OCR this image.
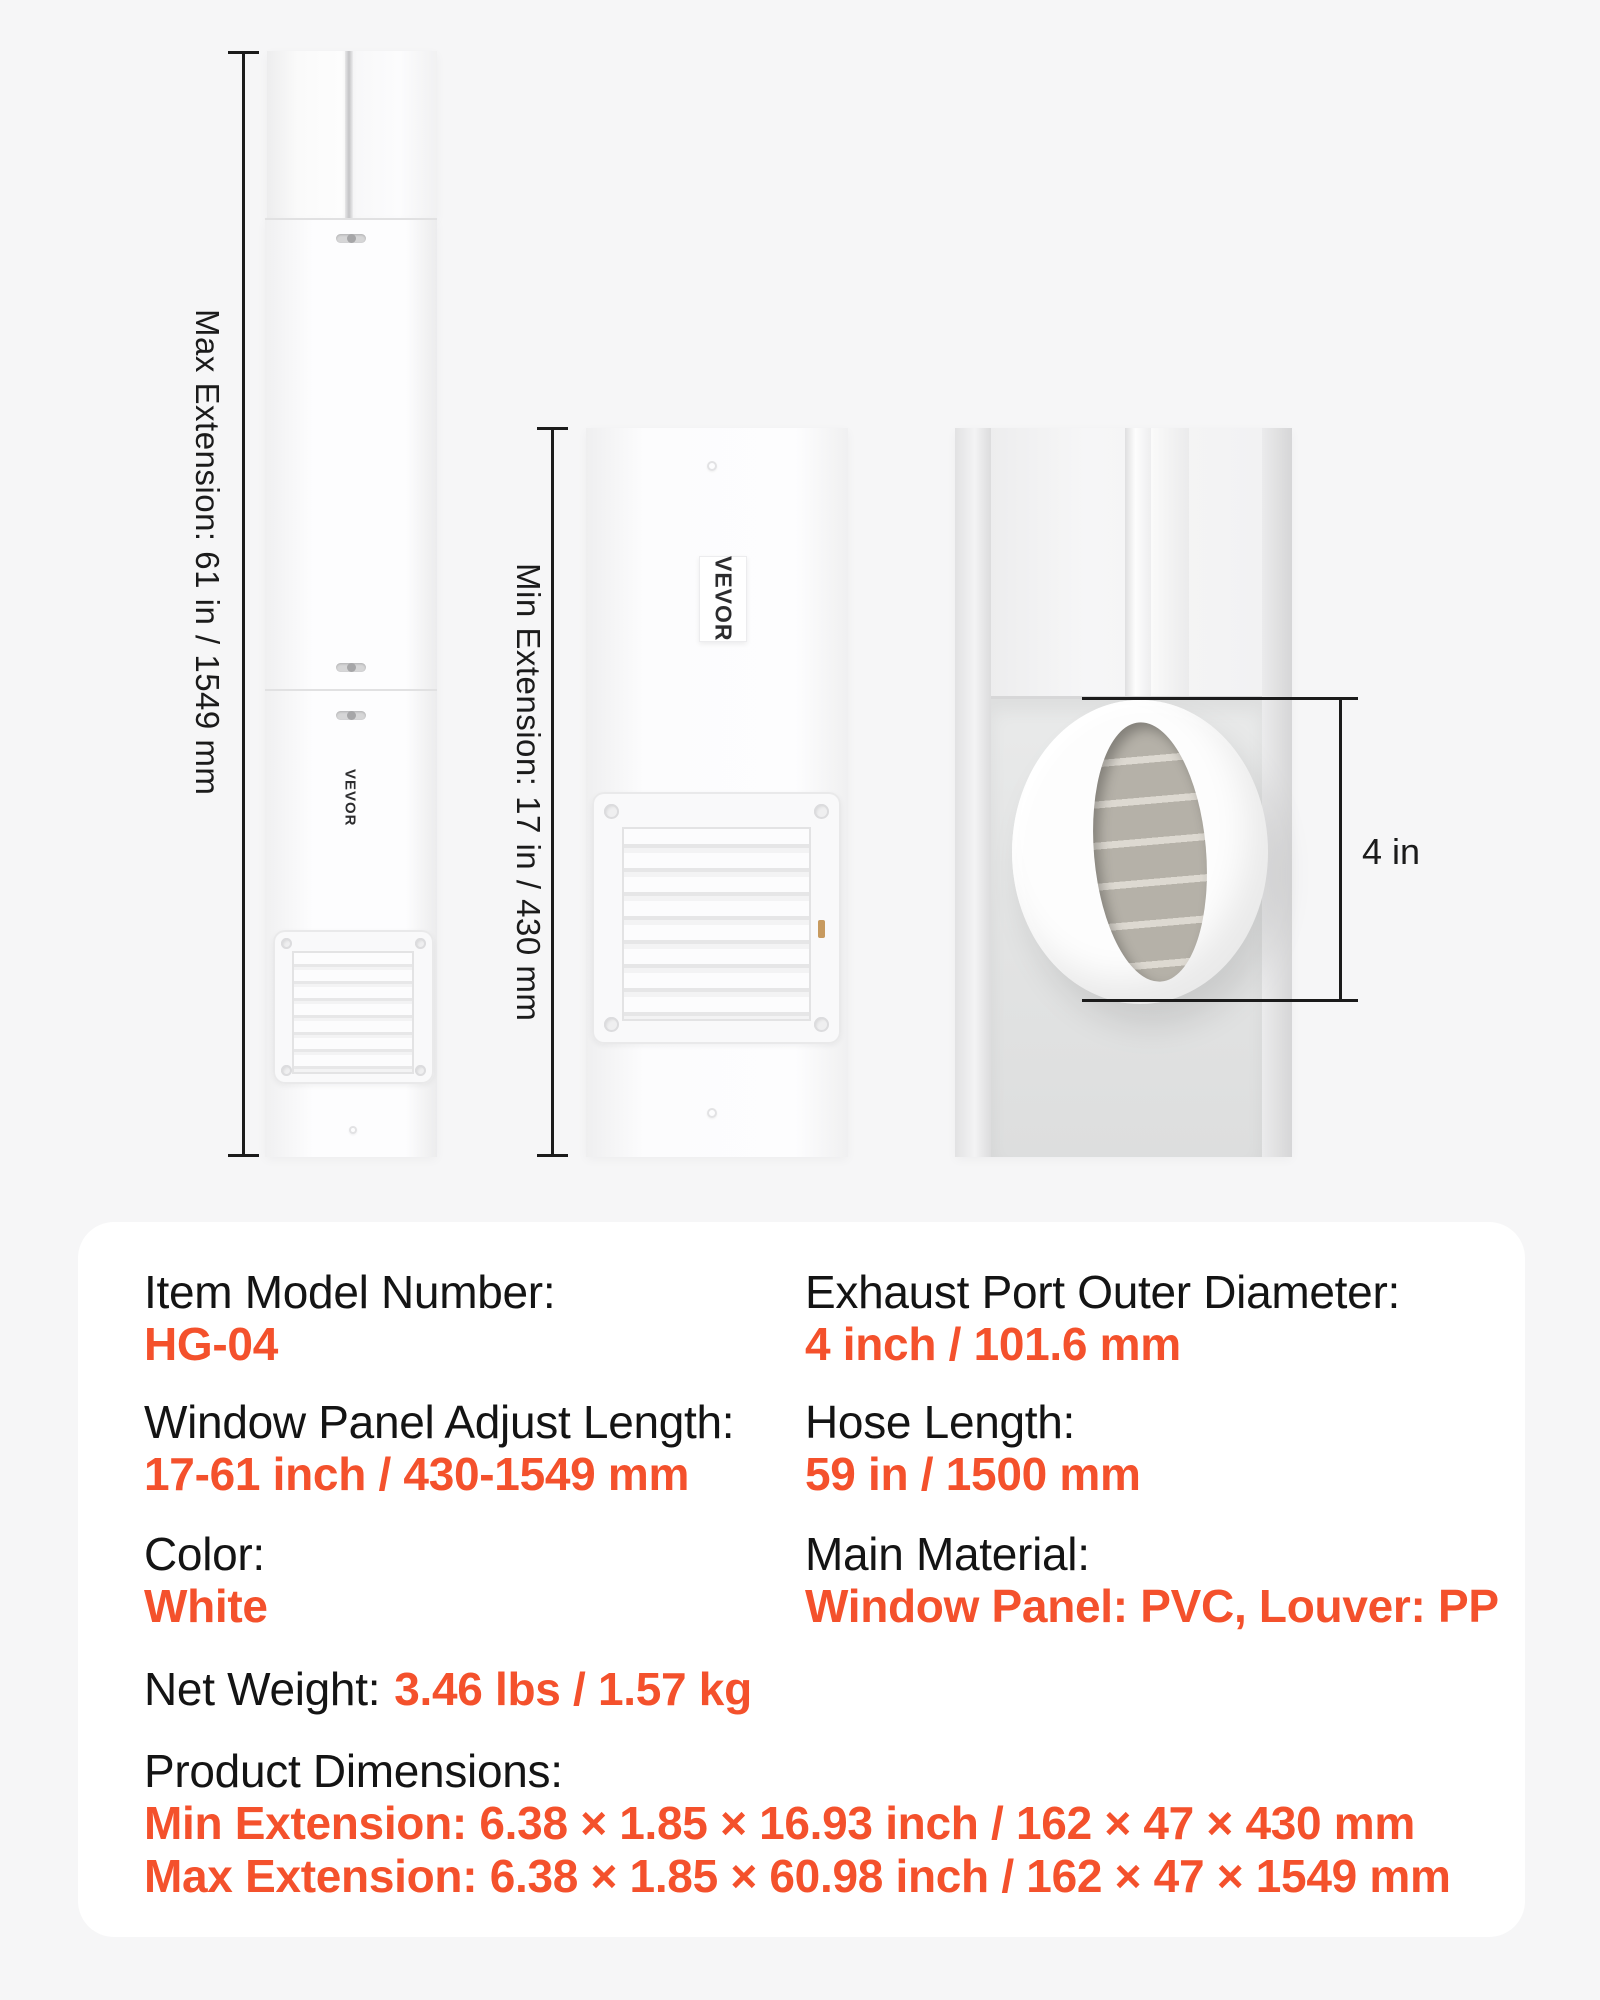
Max Extension: 61 in / 1549 mm
VEVOR	Min Extension: 17 in / 430 mm	VEVOR
4 in
Item Model Number:
HG-04
Exhaust Port Outer Diameter:
4 inch / 101.6 mm
Window Panel Adjust Length:
17-61 inch / 430-1549 mm
Hose Length:
59 in / 1500 mm
Color:
White
Main Material:
Window Panel: PVC, Louver: PP
Net Weight: 3.46 lbs / 1.57 kg
Product Dimensions:
Min Extension: 6.38 × 1.85 × 16.93 inch / 162 × 47 × 430 mm
Max Extension: 6.38 × 1.85 × 60.98 inch / 162 × 47 × 1549 mm
